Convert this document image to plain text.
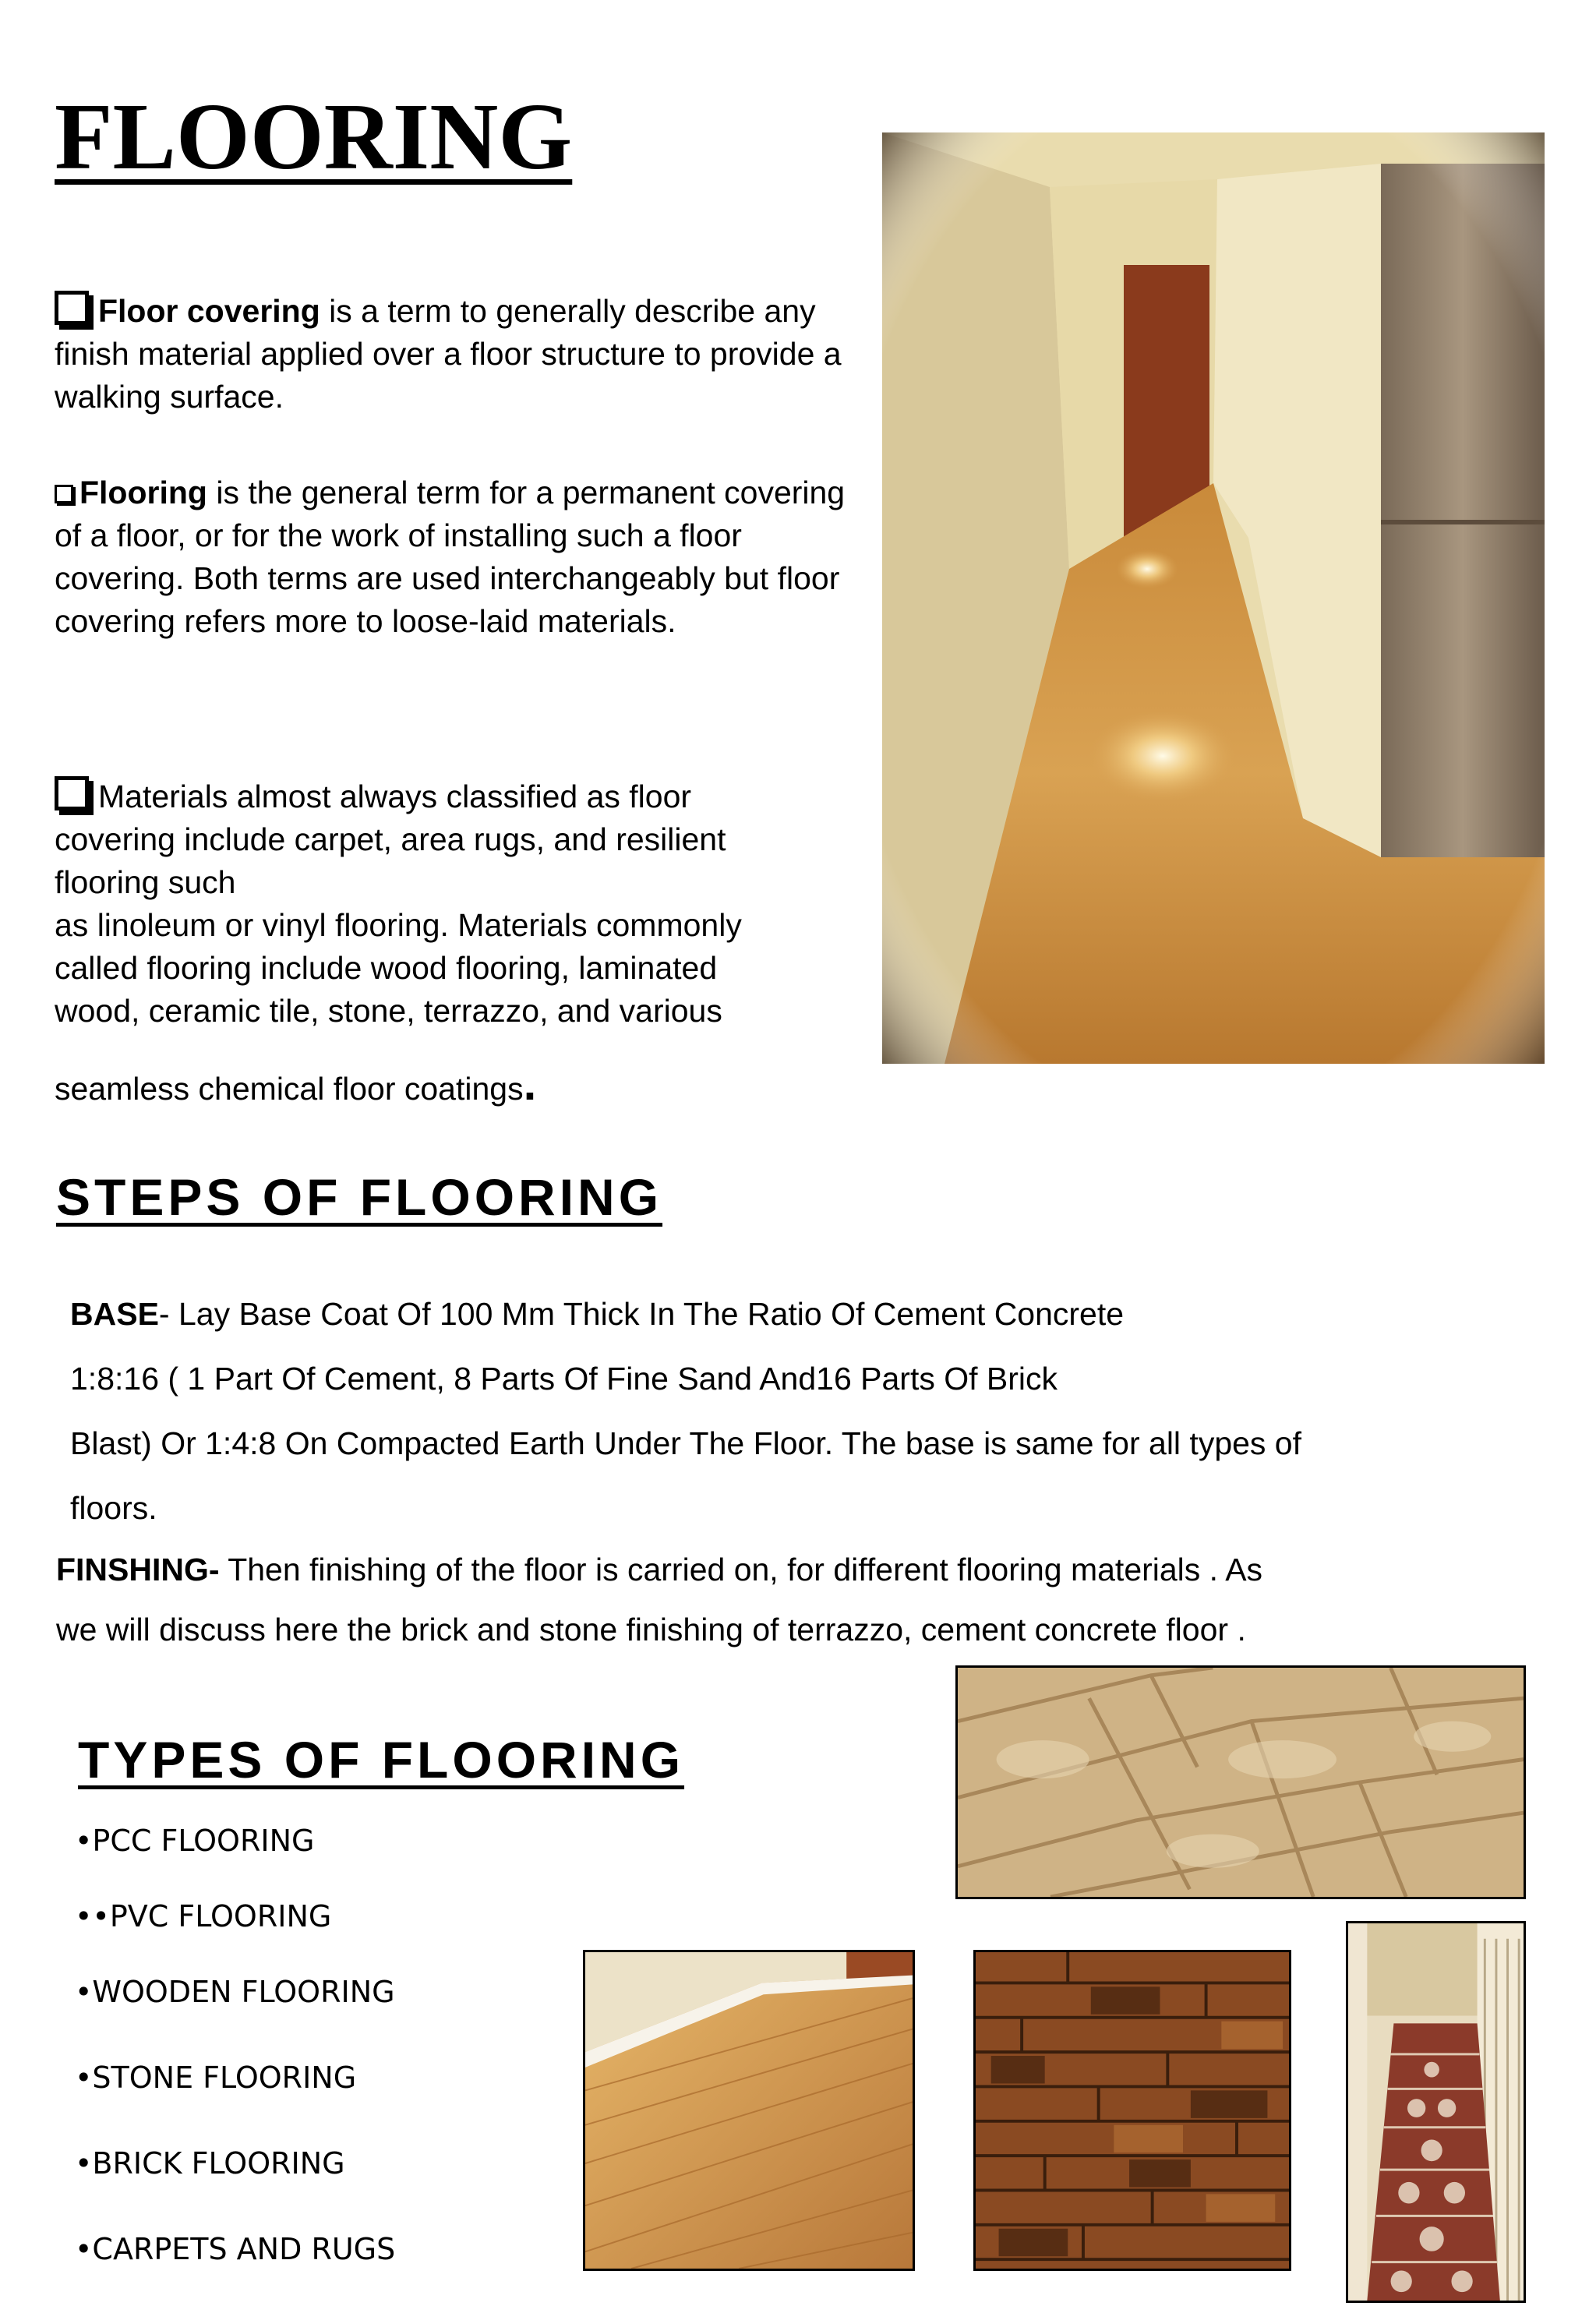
FLOORING

Floor covering is a term to generally describe any finish material applied over a floor structure to provide a walking surface.

Flooring is the general term for a permanent covering of a floor, or for the work of installing such a floor covering. Both terms are used interchangeably but floor covering refers more to loose-laid materials.

Materials almost always classified as floor
covering include carpet, area rugs, and resilient
flooring such
as linoleum or vinyl flooring. Materials commonly
called flooring include wood flooring, laminated
wood, ceramic tile, stone, terrazzo, and various
seamless chemical floor coatings.
STEPS OF FLOORING
BASE- Lay Base Coat Of 100 Mm Thick In The Ratio Of Cement Concrete
1:8:16 ( 1 Part Of Cement, 8 Parts Of Fine Sand And16 Parts Of Brick
Blast) Or 1:4:8 On Compacted Earth Under The Floor. The base is same for all types of
floors.
FINSHING- Then finishing of the floor is carried on, for different flooring materials . As
we will discuss here the brick and stone finishing of terrazzo, cement concrete floor .
TYPES OF FLOORING
•PCC FLOORING
••PVC FLOORING
•WOODEN FLOORING
•STONE FLOORING
•BRICK FLOORING
•CARPETS AND RUGS
